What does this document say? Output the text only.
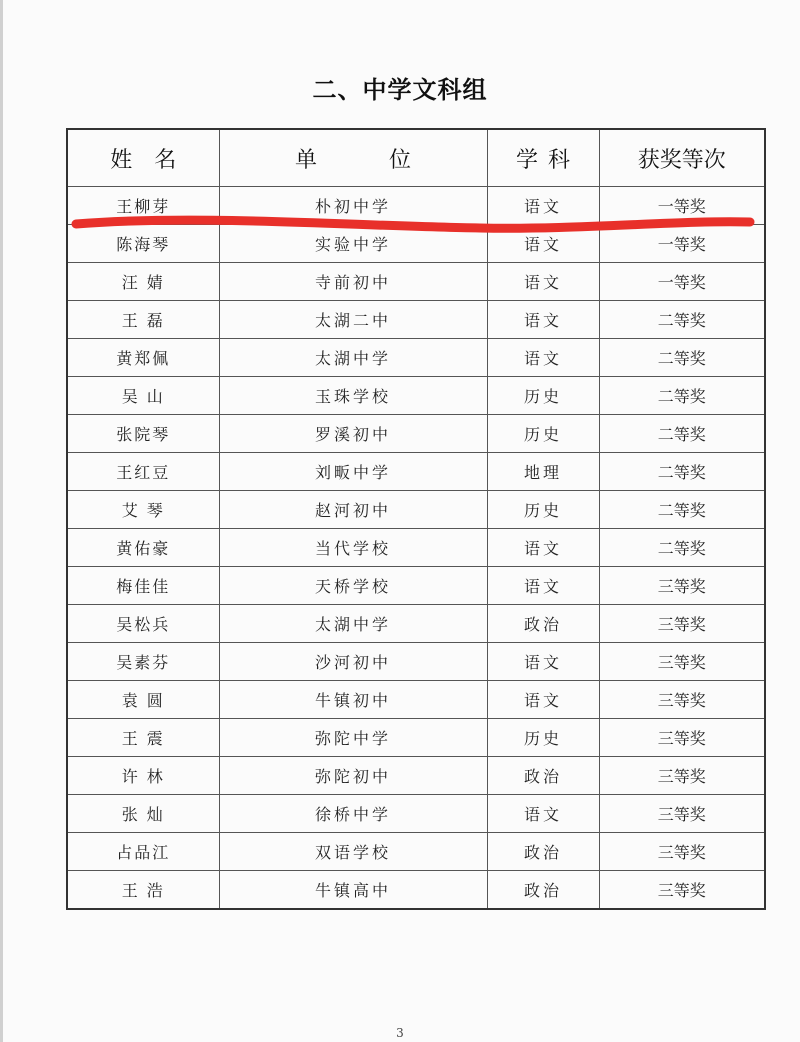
二、中学文科组
姓名	单位	学科	获奖等次
王柳芽	朴初中学	语文	一等奖
陈海琴	实验中学	语文	一等奖
汪 婧	寺前初中	语文	一等奖
王 磊	太湖二中	语文	二等奖
黄郑佩	太湖中学	语文	二等奖
吴 山	玉珠学校	历史	二等奖
张院琴	罗溪初中	历史	二等奖
王红豆	刘畈中学	地理	二等奖
艾 琴	赵河初中	历史	二等奖
黄佑豪	当代学校	语文	二等奖
梅佳佳	天桥学校	语文	三等奖
吴松兵	太湖中学	政治	三等奖
吴素芬	沙河初中	语文	三等奖
袁 圆	牛镇初中	语文	三等奖
王 震	弥陀中学	历史	三等奖
许 林	弥陀初中	政治	三等奖
张 灿	徐桥中学	语文	三等奖
占品江	双语学校	政治	三等奖
王 浩	牛镇高中	政治	三等奖
3
